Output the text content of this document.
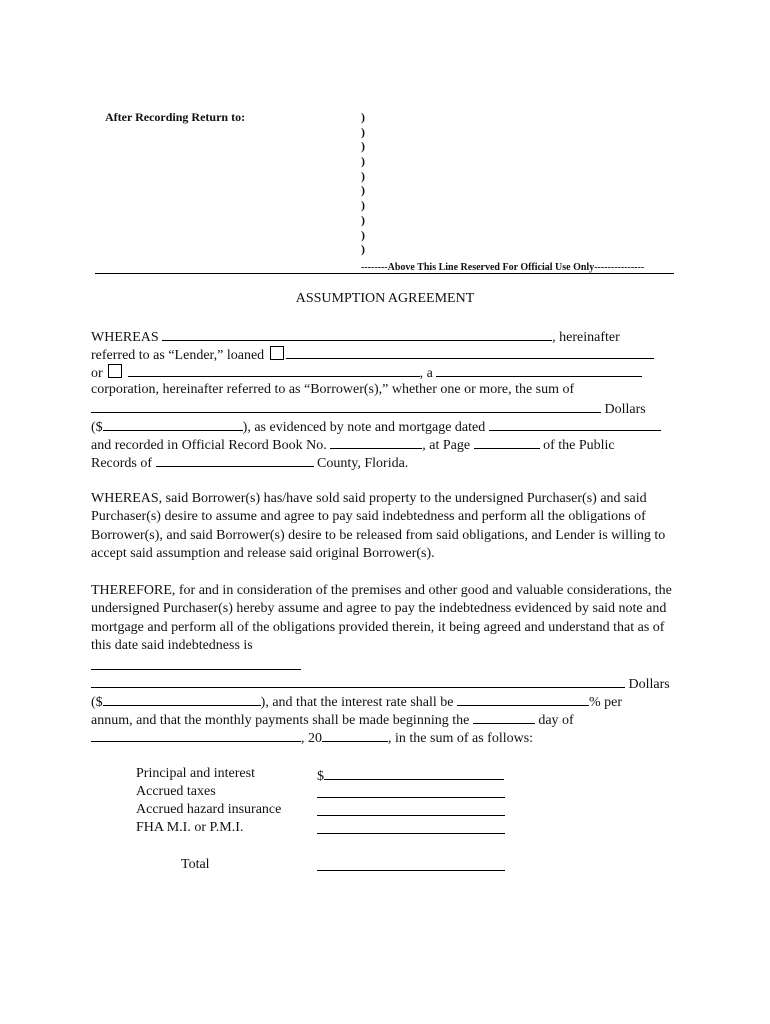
After Recording Return to:	)
)
)
)
)
)
)
)
)
)
--------Above This Line Reserved For Official Use Only---------------
ASSUMPTION AGREEMENT
WHEREAS	, hereinafter
referred to as “Lender,” loaned
or	, a
corporation, hereinafter referred to as “Borrower(s),” whether one or more, the sum of
Dollars
($	), as evidenced by note and mortgage dated
and recorded in Official Record Book No.	, at Page	of the Public
Records of	County, Florida.
WHEREAS, said Borrower(s) has/have sold said property to the undersigned Purchaser(s) and said Purchaser(s) desire to assume and agree to pay said indebtedness and perform all the obligations of Borrower(s), and said Borrower(s) desire to be released from said obligations, and Lender is willing to accept said assumption and release said original Borrower(s).
THEREFORE, for and in consideration of the premises and other good and valuable considerations, the undersigned Purchaser(s) hereby assume and agree to pay the indebtedness evidenced by said note and mortgage and perform all of the obligations provided therein, it being agreed and understand that as of this date said indebtedness is
Dollars
($	), and that the interest rate shall be	% per
annum, and that the monthly payments shall be made beginning the	day of
, 20	, in the sum of as follows:
Principal and interest	$
Accrued taxes
Accrued hazard insurance
FHA M.I. or P.M.I.
Total
